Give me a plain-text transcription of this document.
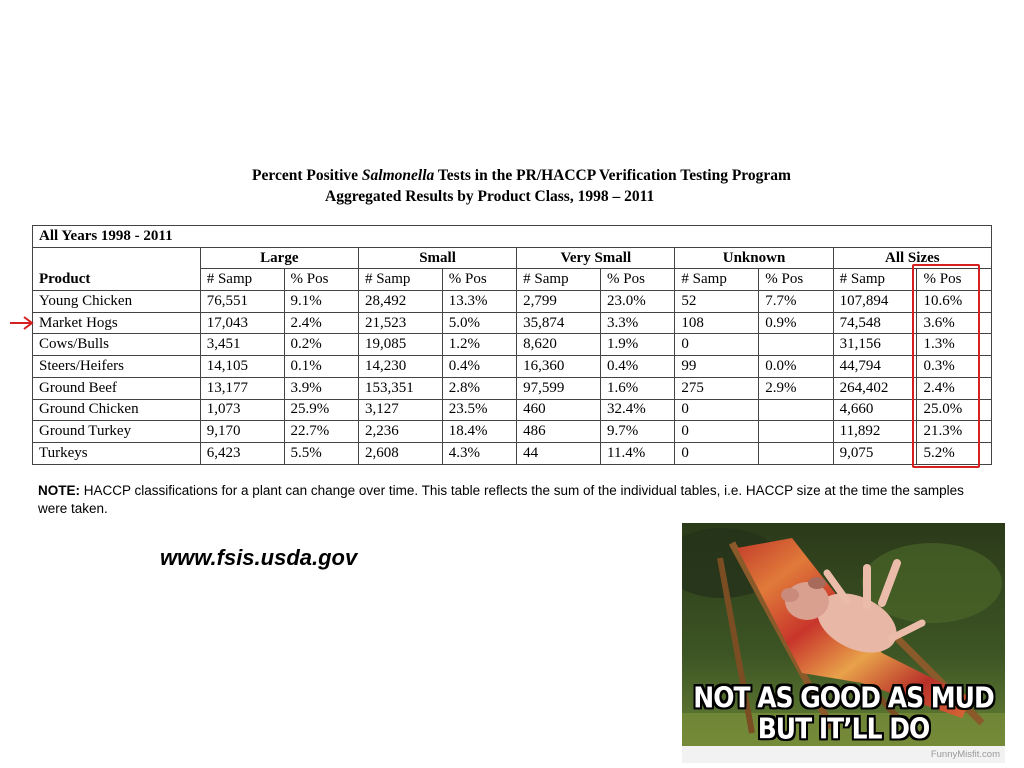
Percent Positive Salmonella Tests in the PR/HACCP Verification Testing Program
Aggregated Results by Product Class, 1998 – 2011
All Years 1998 - 2011										
	Large		Small		Very Small		Unknown		All Sizes	
Product	# Samp	% Pos	# Samp	% Pos	# Samp	% Pos	# Samp	% Pos	# Samp	% Pos
Young Chicken	76,551	9.1%	28,492	13.3%	2,799	23.0%	52	7.7%	107,894	10.6%
Market Hogs	17,043	2.4%	21,523	5.0%	35,874	3.3%	108	0.9%	74,548	3.6%
Cows/Bulls	3,451	0.2%	19,085	1.2%	8,620	1.9%	0		31,156	1.3%
Steers/Heifers	14,105	0.1%	14,230	0.4%	16,360	0.4%	99	0.0%	44,794	0.3%
Ground Beef	13,177	3.9%	153,351	2.8%	97,599	1.6%	275	2.9%	264,402	2.4%
Ground Chicken	1,073	25.9%	3,127	23.5%	460	32.4%	0		4,660	25.0%
Ground Turkey	9,170	22.7%	2,236	18.4%	486	9.7%	0		11,892	21.3%
Turkeys	6,423	5.5%	2,608	4.3%	44	11.4%	0		9,075	5.2%
NOTE: HACCP classifications for a plant can change over time. This table reflects the sum of the individual tables, i.e. HACCP size at the time the samples were taken.
www.fsis.usda.gov
NOT AS GOOD AS MUD
BUT IT’LL DO
FunnyMisfit.com
